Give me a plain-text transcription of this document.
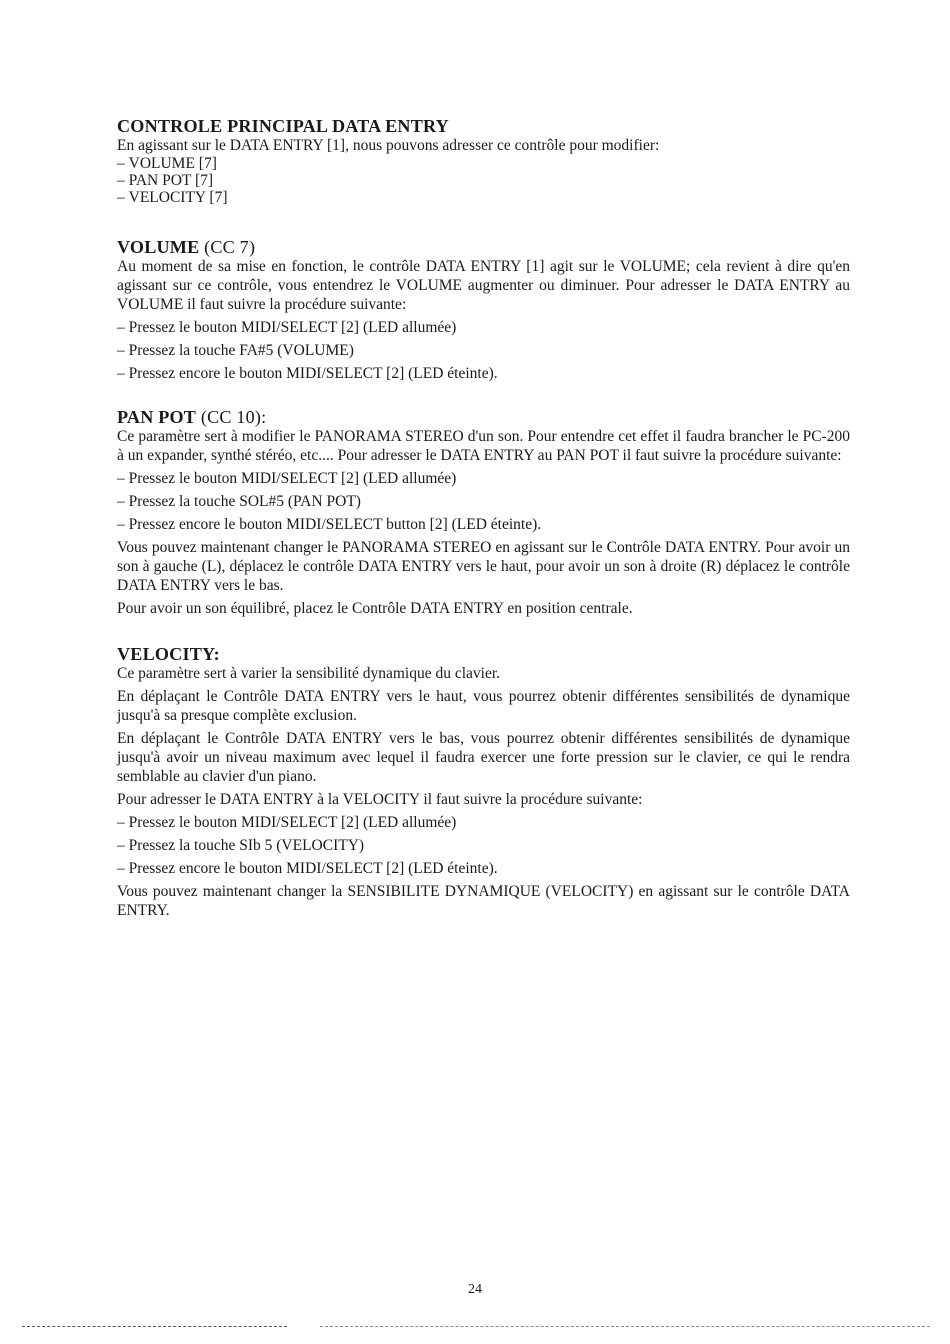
CONTROLE PRINCIPAL DATA ENTRY

En agissant sur le DATA ENTRY [1], nous pouvons adresser ce contrôle pour modifier:

– VOLUME [7]
– PAN POT [7]
– VELOCITY [7]
VOLUME (CC 7)

Au moment de sa mise en fonction, le contrôle DATA ENTRY [1] agit sur le VOLUME; cela revient à dire qu'en agissant sur ce contrôle, vous entendrez le VOLUME augmenter ou diminuer. Pour adresser le DATA ENTRY au VOLUME il faut suivre la procédure suivante:

– Pressez le bouton MIDI/SELECT [2] (LED allumée)
– Pressez la touche FA#5 (VOLUME)
– Pressez encore le bouton MIDI/SELECT [2] (LED éteinte).
PAN POT (CC 10):

Ce paramètre sert à modifier le PANORAMA STEREO d'un son. Pour entendre cet effet il faudra brancher le PC-200 à un expander, synthé stéréo, etc.... Pour adresser le DATA ENTRY au PAN POT il faut suivre la procédure suivante:

– Pressez le bouton MIDI/SELECT [2] (LED allumée)
– Pressez la touche SOL#5 (PAN POT)
– Pressez encore le bouton MIDI/SELECT button [2] (LED éteinte).

Vous pouvez maintenant changer le PANORAMA STEREO en agissant sur le Contrôle DATA ENTRY. Pour avoir un son à gauche (L), déplacez le contrôle DATA ENTRY vers le haut, pour avoir un son à droite (R) déplacez le contrôle DATA ENTRY vers le bas.

Pour avoir un son équilibré, placez le Contrôle DATA ENTRY en position centrale.

VELOCITY:

Ce paramètre sert à varier la sensibilité dynamique du clavier.

En déplaçant le Contrôle DATA ENTRY vers le haut, vous pourrez obtenir différentes sensibilités de dynamique jusqu'à sa presque complète exclusion.

En déplaçant le Contrôle DATA ENTRY vers le bas, vous pourrez obtenir différentes sensibilités de dynamique jusqu'à avoir un niveau maximum avec lequel il faudra exercer une forte pression sur le clavier, ce qui le rendra semblable au clavier d'un piano.

Pour adresser le DATA ENTRY à la VELOCITY il faut suivre la procédure suivante:

– Pressez le bouton MIDI/SELECT [2] (LED allumée)
– Pressez la touche SIb 5 (VELOCITY)
– Pressez encore le bouton MIDI/SELECT [2] (LED éteinte).

Vous pouvez maintenant changer la SENSIBILITE DYNAMIQUE (VELOCITY) en agissant sur le contrôle DATA ENTRY.

24
